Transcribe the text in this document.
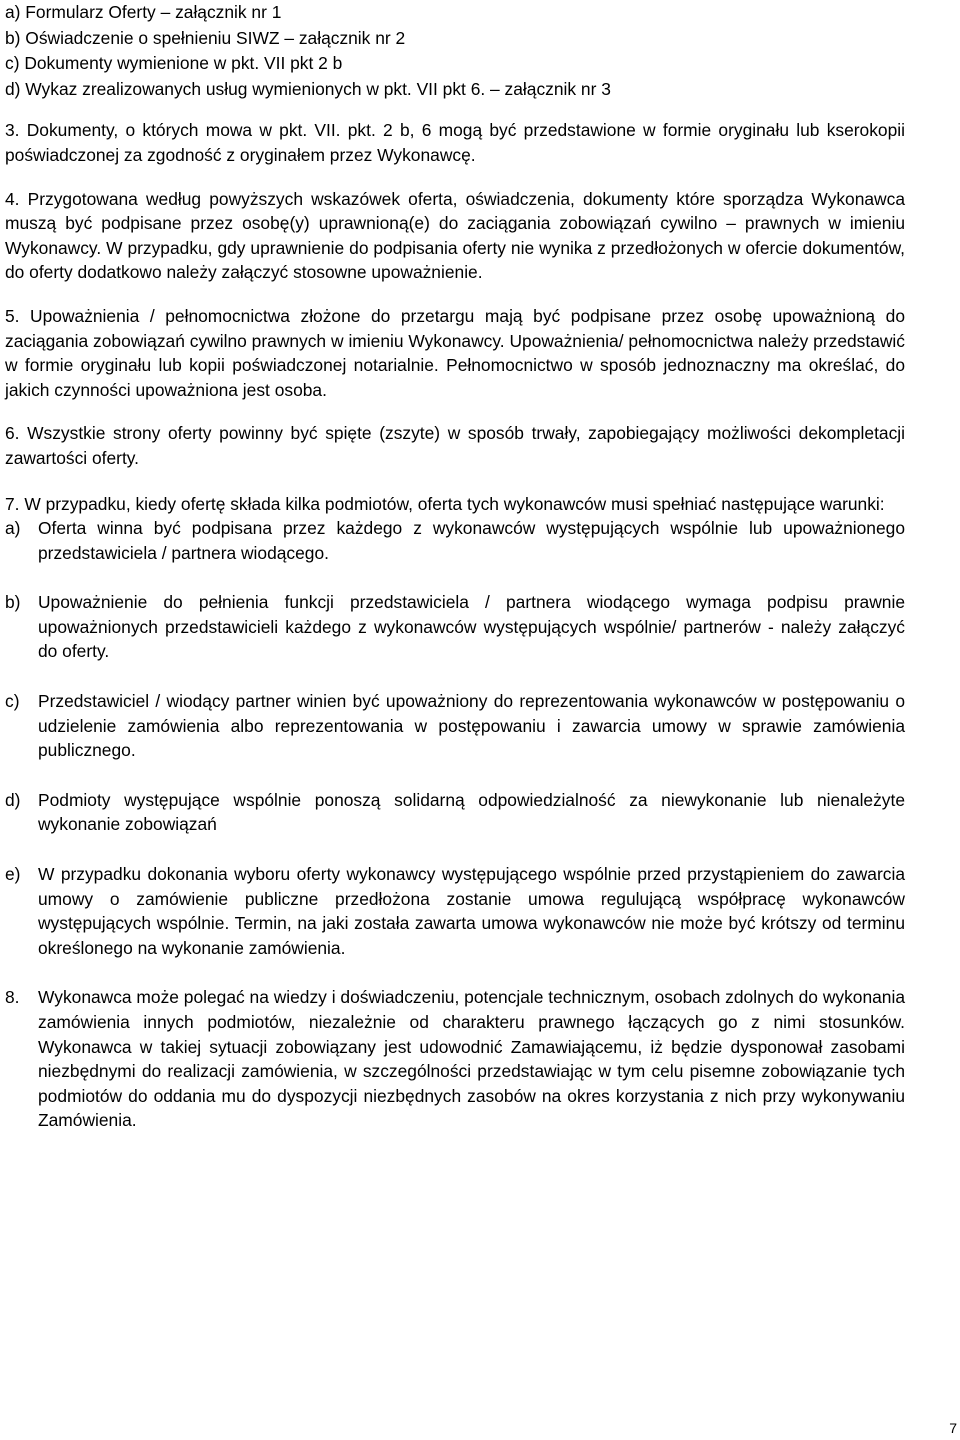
a) Formularz Oferty – załącznik nr 1
b) Oświadczenie o spełnieniu SIWZ – załącznik nr 2
c) Dokumenty wymienione w pkt. VII pkt 2 b
d) Wykaz zrealizowanych usług wymienionych w pkt. VII pkt 6. – załącznik nr 3

3. Dokumenty, o których mowa w pkt. VII. pkt. 2 b, 6 mogą być przedstawione w formie oryginału lub kserokopii poświadczonej za zgodność z oryginałem przez Wykonawcę.

4. Przygotowana według powyższych wskazówek oferta, oświadczenia, dokumenty które sporządza Wykonawca muszą być podpisane przez osobę(y) uprawnioną(e) do zaciągania zobowiązań cywilno – prawnych w imieniu Wykonawcy. W przypadku, gdy uprawnienie do podpisania oferty nie wynika z przedłożonych w ofercie dokumentów, do oferty dodatkowo należy załączyć stosowne upoważnienie.

5. Upoważnienia / pełnomocnictwa złożone do przetargu mają być podpisane przez osobę upoważnioną do zaciągania zobowiązań cywilno prawnych w imieniu Wykonawcy. Upoważnienia/ pełnomocnictwa należy przedstawić w formie oryginału lub kopii poświadczonej notarialnie. Pełnomocnictwo w sposób jednoznaczny ma określać, do jakich czynności upoważniona jest osoba.

6. Wszystkie strony oferty powinny być spięte (zszyte) w sposób trwały, zapobiegający możliwości dekompletacji zawartości oferty.

7. W przypadku, kiedy ofertę składa kilka podmiotów, oferta tych wykonawców musi spełniać następujące warunki:

a)	Oferta winna być podpisana przez każdego z wykonawców występujących wspólnie lub upoważnionego przedstawiciela / partnera wiodącego.
b)	Upoważnienie do pełnienia funkcji przedstawiciela / partnera wiodącego wymaga podpisu prawnie upoważnionych przedstawicieli każdego z wykonawców występujących wspólnie/ partnerów - należy załączyć do oferty.
c)	Przedstawiciel / wiodący partner winien być upoważniony do reprezentowania wykonawców w postępowaniu o udzielenie zamówienia albo reprezentowania w postępowaniu i zawarcia umowy w sprawie zamówienia publicznego.
d)	Podmioty występujące wspólnie ponoszą solidarną odpowiedzialność za niewykonanie lub nienależyte wykonanie zobowiązań
e)	W przypadku dokonania wyboru oferty wykonawcy występującego wspólnie przed przystąpieniem do zawarcia umowy o zamówienie publiczne przedłożona zostanie umowa regulującą współpracę wykonawców występujących wspólnie. Termin, na jaki została zawarta umowa wykonawców nie może być krótszy od terminu określonego na wykonanie zamówienia.
8.	Wykonawca może polegać na wiedzy i doświadczeniu, potencjale technicznym, osobach zdolnych do wykonania zamówienia innych podmiotów, niezależnie od charakteru prawnego łączących go z nimi stosunków. Wykonawca w takiej sytuacji zobowiązany jest udowodnić Zamawiającemu, iż będzie dysponował zasobami niezbędnymi do realizacji zamówienia, w szczególności przedstawiając w tym celu pisemne zobowiązanie tych podmiotów do oddania mu do dyspozycji niezbędnych zasobów na okres korzystania z nich przy wykonywaniu Zamówienia.
7
